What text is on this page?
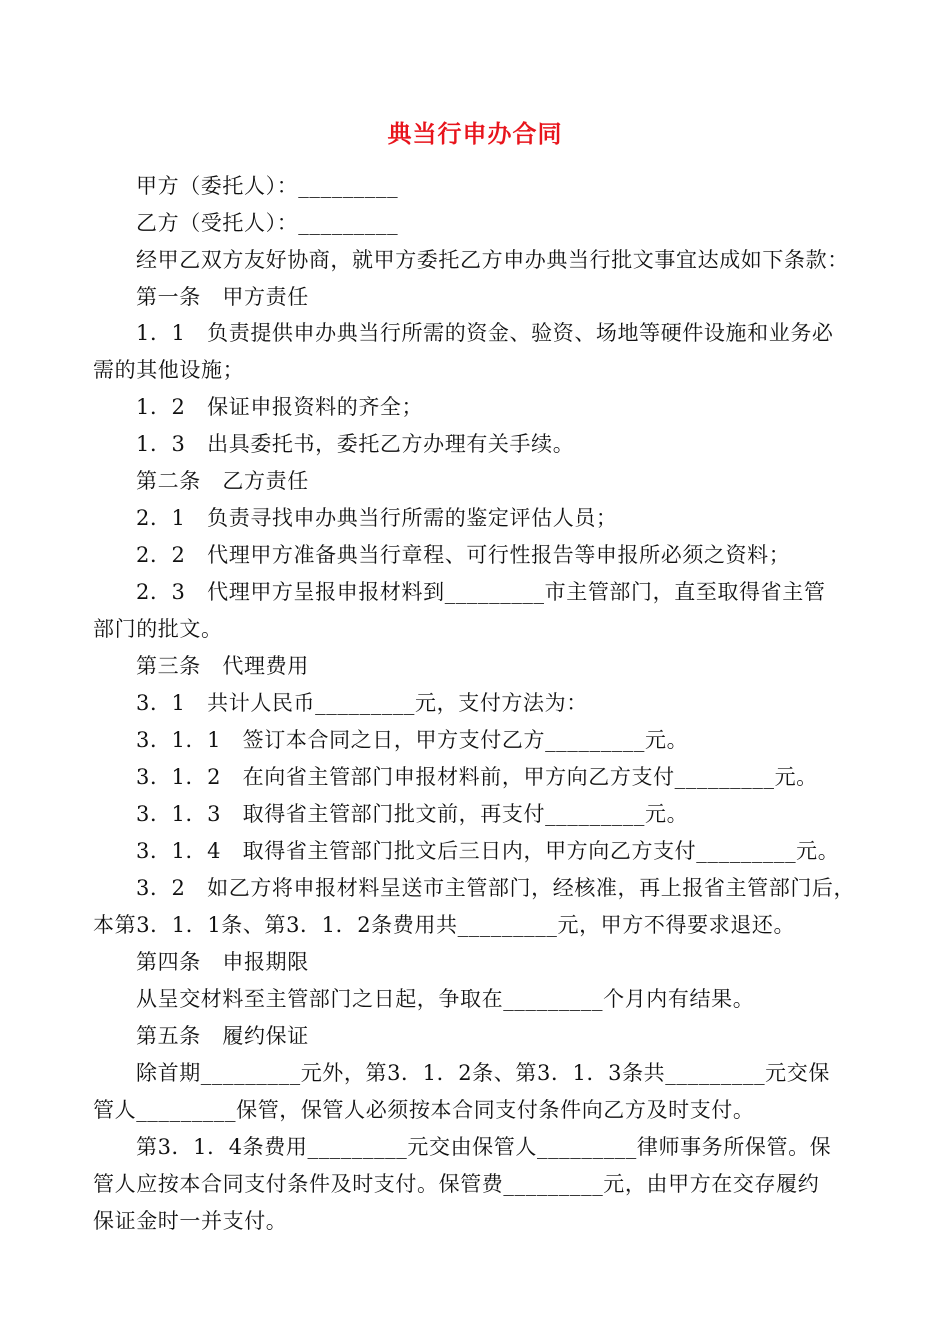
典当行申办合同
甲方（委托人）：_________
乙方（受托人）：_________
经甲乙双方友好协商，就甲方委托乙方申办典当行批文事宜达成如下条款：
第一条　甲方责任
1．1　负责提供申办典当行所需的资金、验资、场地等硬件设施和业务必
需的其他设施；
1．2　保证申报资料的齐全；
1．3　出具委托书，委托乙方办理有关手续。
第二条　乙方责任
2．1　负责寻找申办典当行所需的鉴定评估人员；
2．2　代理甲方准备典当行章程、可行性报告等申报所必须之资料；
2．3　代理甲方呈报申报材料到_________市主管部门，直至取得省主管
部门的批文。
第三条　代理费用
3．1　共计人民币_________元，支付方法为：
3．1．1　签订本合同之日，甲方支付乙方_________元。
3．1．2　在向省主管部门申报材料前，甲方向乙方支付_________元。
3．1．3　取得省主管部门批文前，再支付_________元。
3．1．4　取得省主管部门批文后三日内，甲方向乙方支付_________元。
3．2　如乙方将申报材料呈送市主管部门，经核准，再上报省主管部门后，
本第3．1．1条、第3．1．2条费用共_________元，甲方不得要求退还。
第四条　申报期限
从呈交材料至主管部门之日起，争取在_________个月内有结果。
第五条　履约保证
除首期_________元外，第3．1．2条、第3．1．3条共_________元交保
管人_________保管，保管人必须按本合同支付条件向乙方及时支付。
第3．1．4条费用_________元交由保管人_________律师事务所保管。保
管人应按本合同支付条件及时支付。保管费_________元，由甲方在交存履约
保证金时一并支付。
